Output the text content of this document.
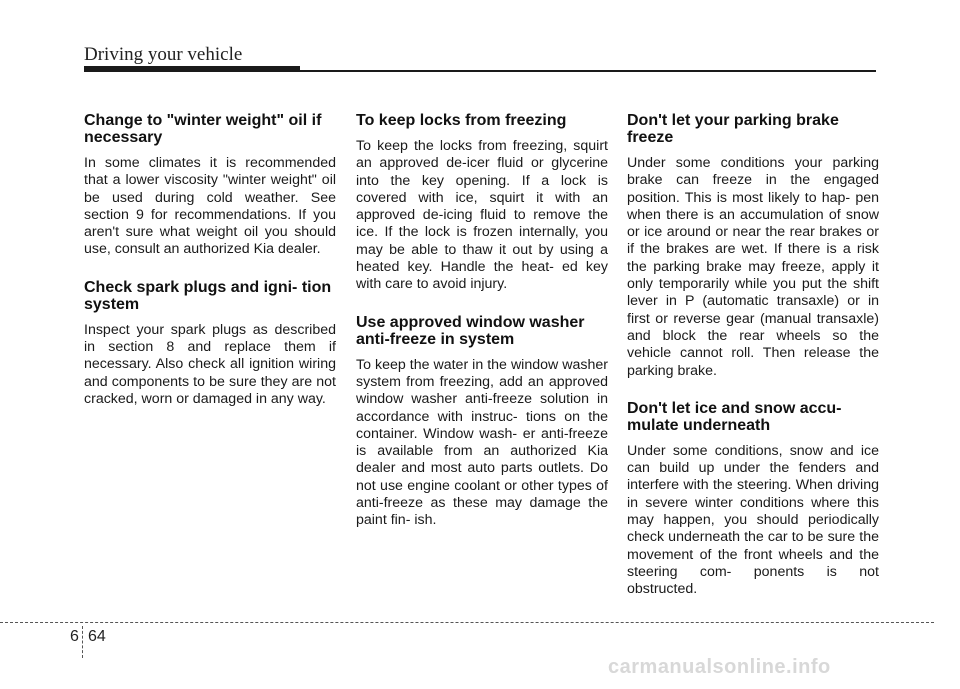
Driving your vehicle
Change to "winter weight" oil if necessary

In some climates it is recommended that a lower viscosity "winter weight" oil be used during cold weather. See section 9 for recommendations. If you aren't sure what weight oil you should use, consult an authorized Kia dealer.

Check spark plugs and igni- tion system

Inspect your spark plugs as described in section 8 and replace them if necessary. Also check all ignition wiring and components to be sure they are not cracked, worn or damaged in any way.

To keep locks from freezing

To keep the locks from freezing, squirt an approved de-icer fluid or glycerine into the key opening. If a lock is covered with ice, squirt it with an approved de-icing fluid to remove the ice. If the lock is frozen internally, you may be able to thaw it out by using a heated key. Handle the heat- ed key with care to avoid injury.

Use approved window washer anti-freeze in system

To keep the water in the window washer system from freezing, add an approved window washer anti-freeze solution in accordance with instruc- tions on the container. Window wash- er anti-freeze is available from an authorized Kia dealer and most auto parts outlets. Do not use engine coolant or other types of anti-freeze as these may damage the paint fin- ish.

Don't let your parking brake freeze

Under some conditions your parking brake can freeze in the engaged position. This is most likely to hap- pen when there is an accumulation of snow or ice around or near the rear brakes or if the brakes are wet. If there is a risk the parking brake may freeze, apply it only temporarily while you put the shift lever in P (automatic transaxle) or in first or reverse gear (manual transaxle) and block the rear wheels so the vehicle cannot roll. Then release the parking brake.

Don't let ice and snow accu- mulate underneath

Under some conditions, snow and ice can build up under the fenders and interfere with the steering. When driving in severe winter conditions where this may happen, you should periodically check underneath the car to be sure the movement of the front wheels and the steering com- ponents is not obstructed.

6 64
carmanualsonline.info
